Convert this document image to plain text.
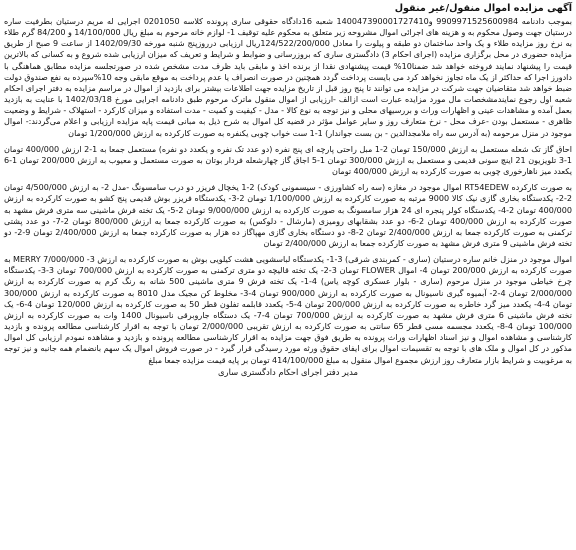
آگهی مزایده اموال منقول/غیر منقول

بموجب دادنامه 9909971525600984 و140047390001727410 شعبه 16دادگاه حقوقی ساری پرونده کلاسه 0201050 اجرایی له مریم درستیان بطرفیت ساره درستیان جهت وصول محکوم به و هزینه های اجرائی اموال مشروحه زیر متعلق به محکوم علیه توقیف 1- لوازم خانه مرحوم به مبلغ ریال 14/100/000 و 84/200 گرم طلاء به نرخ روز مزایده طلاء و یک واحد ساختمان دو طبقه و پیلوت را معادل 124/522/200/000ریال ارزیابی درروزپنج شنبه مورخه 1402/09/30 از ساعت 9 صبح از طریق مزایده حضوری در محل برگزاری مزایده (اجرای احکام 3) دادگستری ساری که بروزرسانی و ضوابط و شرایط و تعریف که میزان ارزیابی شده شروع و به کسانی که بالاترین قیمت را پیشنهاد نمایند فروخته خواهد شد ضمنا10% قیمت پیشنهادی نقدا از برنده اخذ و مابقی باید ظرف مدت مشخص شده در صورتجلسه مزایده مطابق هماهنگی با دادورز اجرا که حداکثر از یک ماه تجاوز نخواهد کرد می بایست پرداخت گردد همچنین در صورت انصراف یا عدم پرداخت به موقع مابقی وجه 10%سپرده به نفع صندوق دولت ضبط خواهد شد متقاضیان جهت شرکت در مزایده می توانند تا پنج روز قبل از تاریخ مزایده جهت اطلاعات بیشتر برای بازدید از اموال در مراسم مزایده به دفتر اجرای احکام شعبه اول رجوع نمایندمشخصات مال مورد مزایده عبارت است ازالف -ارزیابی از اموال منقول ماترک مرحوم طبق دادنامه اجرایی مورخ 1402/03/18 با عنایت به بازدید بعمل آمده و مشاهدات عینی و اظهارات وراث و بررسیهای محلی و نیز توجه به نوع کالا - مدل - کیفیت و کمیت - مدت استفاده و میزان کارکرد - استهلاک - شرایط و وضعیت ظاهری - مستعمل بودن -عرف محل - نرخ متعارف روز و سایر عوامل مؤثر در قضیه کل اموال به شرح ذیل به مبانی قیمت پایه مزایده ارزیابی و اعلام می‌گردند:- اموال موجود در منزل مرحومه (به آدرس سه راه ملامجدالدین - بن بست جواندار) 1-1 ست خواب چوبی یکنفره به صورت کارکرده به ارزش 1/200/000 تومان

احاق گاز تک شعله مستعمل به ارزش 150/000 تومان 2-1 مبل راحتی پارچه ای پنج نفره (دو عدد تک نفره و یکعدد دو نفره) مستعمل جمعا به 1-2 ارزش 400/000 تومان 1-3 تلویزیون 21 اینچ سونی قدیمی و مستعمل به ارزش 300/000 تومان 1-5 اجاق گاز چهارشعله فردار بوتان به صورت مستعمل و معیوب به ارزش 200/000 تومان 1-6 یکعدد میز ناهارخوری چوبی به صورت کارکرده به ارزش 400/000 تومان

به صورت کارکرده RT54EDEW اموال موجود در مغازه (سه راه کشاورزی - سیسمونی کودک) 2-1 یخچال فریزر دو درب سامسونگ -مدل 2- به ارزش 4/500/000 تومان 2-2- یکدستگاه بخاری گازی نیک کالا 9000 مرتبه به صورت کارکرده به ارزش 1/100/000 تومان 2-3- یکدستگاه فریزر بوش قدیمی پنج کشو به صورت کارکرده به ارزش 400/000 تومان 2-4- یکدستگاه کولر پنجره ای 24 هزار سامسونگ به صورت کارکرده به ارزش 9/000/000 تومان 2-5- یک تخته فرش ماشینی سه متری فرش مشهد به صورت کارکرده به ارزش 400/000 تومان 2-6- دو عدد بشقابهای رومیزی (مارشال - دلوکس) به صورت کارکرده جمعا به ارزش 800/000 تومان 2-7- دو عدد پشتی ترکمنی به صورت کارکرده جمعا به ارزش 2/400/000 تومان 2-8- دو دستگاه بخاری گازی مهپاگاز ده هزار به صورت کارکرده جمعا به ارزش 2/400/000 تومان 9-2- دو تخته فرش ماشینی 9 متری فرش مشهد به صورت کارکرده جمعا به ارزش 2/400/000 تومان

اموال موجود در منزل خانم ساره درستیان (ساری - کمربندی شرقی) 3-1- یکدستگاه لباسشویی هشت کیلویی بوش به صورت کارکرده به ارزش 3- 7/000/000 MERRY به صورت کارکرده به ارزش 200/000 تومان 4- اموال FLOWER تومان 3-2- یک تخته قالیچه دو متری ترکمنی به صورت کارکرده به ارزش 700/000 تومان 3-3- یکدستگاه چرخ خیاطی موجود در منزل مرحوم (ساری - بلوار عسکری کوچه یاس) 4-1- یک تخته فرش 9 متری ماشینی 500 شانه به رنگ کرم به صورت کارکرده به ارزش 2/000/000 تومان 4-2- آبمیوه گیری ناسیونال به صورت کارکرده به ارزش 900/000 تومان 4-3- مخلوط کن مجیک مدل 8010 به صورت کارکرده به ارزش 300/000 تومان 4-4- یکعدد میز گرد خاطره به صورت کارکرده به ارزش 200/000 تومان 4-5- یکعدد قابلمه تفلون قطر 50 به صورت کارکرده به ارزش 120/000 تومان 4-6- یک تخته فرش ماشینی 6 متری فرش مشهد به صورت کارکرده به ارزش 700/000 تومان 4-7- یک دستگاه جاروبرقی ناسیونال 1400 وات به صورت کارکرده به ارزش 100/000 تومان 4-8- یکعدد مجسمه مسی قطر 65 سانتی به صورت کارکرده به ارزش تقریبی 2/000/000 تومان با توجه به اقرار کارشناسی مطالعه پرونده و بازدید کارشناسی و مشاهده اموال و نیز اسناد اظهارات وراث پرونده به طریق فوق جهت مزایده به اقرار کارشناسی مطالعه پرونده و بازدید و مشاهده نمودم ارزیابی کل اموال مذکور در کل اموال و ملک های با توجه به تقسیمات اموال برای ایفای حقوق ورثه مورد رسیدگی قرار گیرد - در صورت فروش اموال یک سهم بانضمام همه جانبه و نیز توجه به مرغوبیت و شرایط بازار متعارف روز ارزش مجموع اموال منقول به مبلغ 414/100/000 تومان بر پایه قیمت مزایده جمعا مبلغ

مدیر دفتر اجرای احکام دادگستری ساری
